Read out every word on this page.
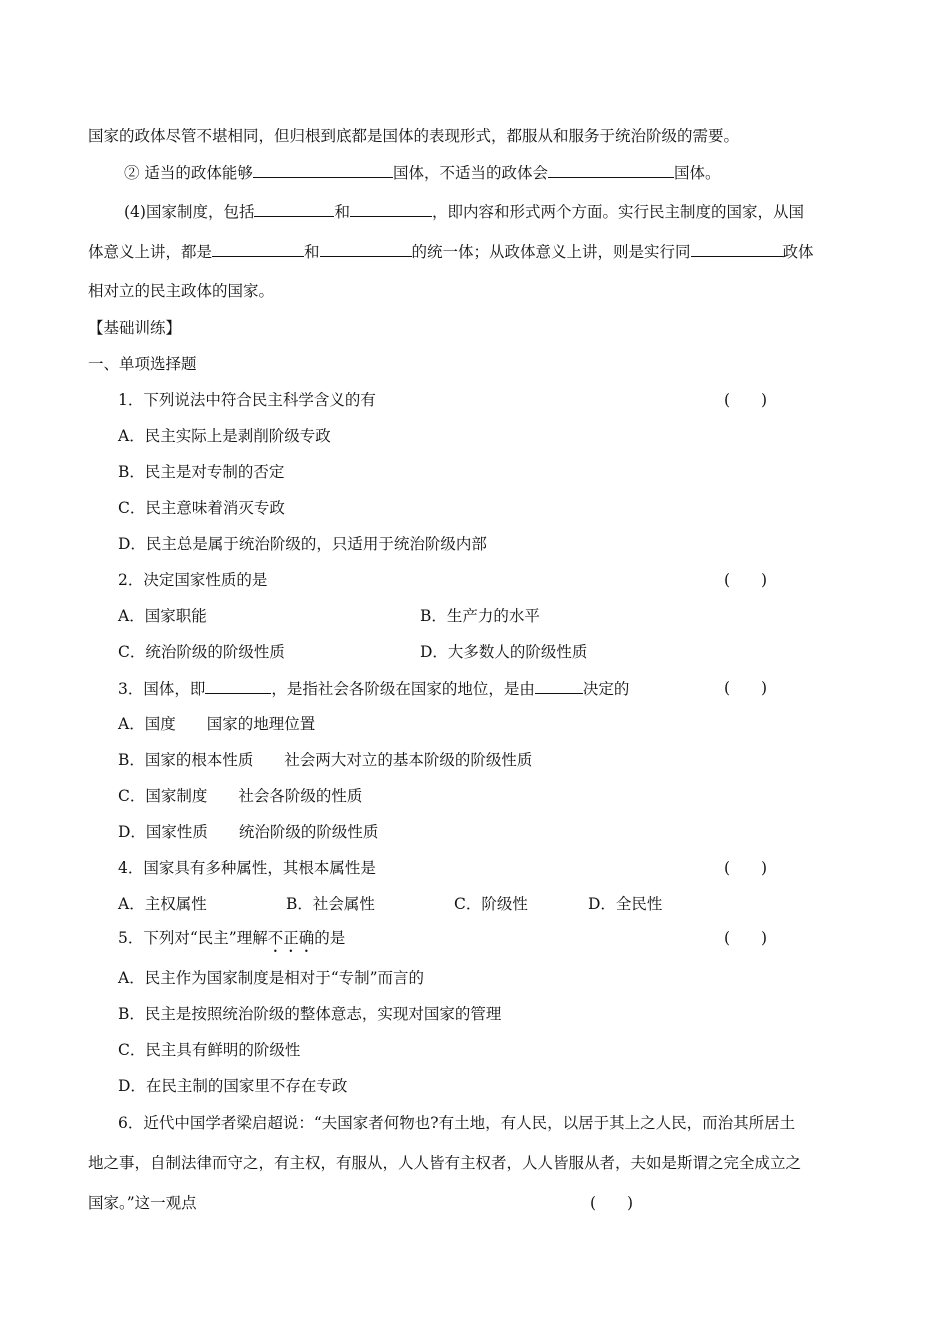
国家的政体尽管不堪相同，但归根到底都是国体的表现形式，都服从和服务于统治阶级的需要。
② 适当的政体能够	国体，不适当的政体会	国体。
(4)国家制度，包括	和	，即内容和形式两个方面。实行民主制度的国家，从国
体意义上讲，都是	和	的统一体；从政体意义上讲，则是实行同	政体
相对立的民主政体的国家。
【基础训练】
一、单项选择题
1．下列说法中符合民主科学含义的有	(　　)
A．民主实际上是剥削阶级专政
B．民主是对专制的否定
C．民主意味着消灭专政
D．民主总是属于统治阶级的，只适用于统治阶级内部
2．决定国家性质的是	(　　)
A．国家职能	B．生产力的水平
C．统治阶级的阶级性质	D．大多数人的阶级性质
3．国体，即	，是指社会各阶级在国家的地位，是由	决定的	(　　)
A．国度　　国家的地理位置
B．国家的根本性质　　社会两大对立的基本阶级的阶级性质
C．国家制度　　社会各阶级的性质
D．国家性质　　统治阶级的阶级性质
4．国家具有多种属性，其根本属性是	(　　)
A．主权属性	B．社会属性	C．阶级性	D．全民性
5．下列对“民主”理解不正确的是	(　　)
A．民主作为国家制度是相对于“专制”而言的
B．民主是按照统治阶级的整体意志，实现对国家的管理
C．民主具有鲜明的阶级性
D．在民主制的国家里不存在专政
6．近代中国学者梁启超说：“夫国家者何物也?有土地，有人民，以居于其上之人民，而治其所居土
地之事，自制法律而守之，有主权，有服从，人人皆有主权者，人人皆服从者，夫如是斯谓之完全成立之
国家。”这一观点	(　　)
